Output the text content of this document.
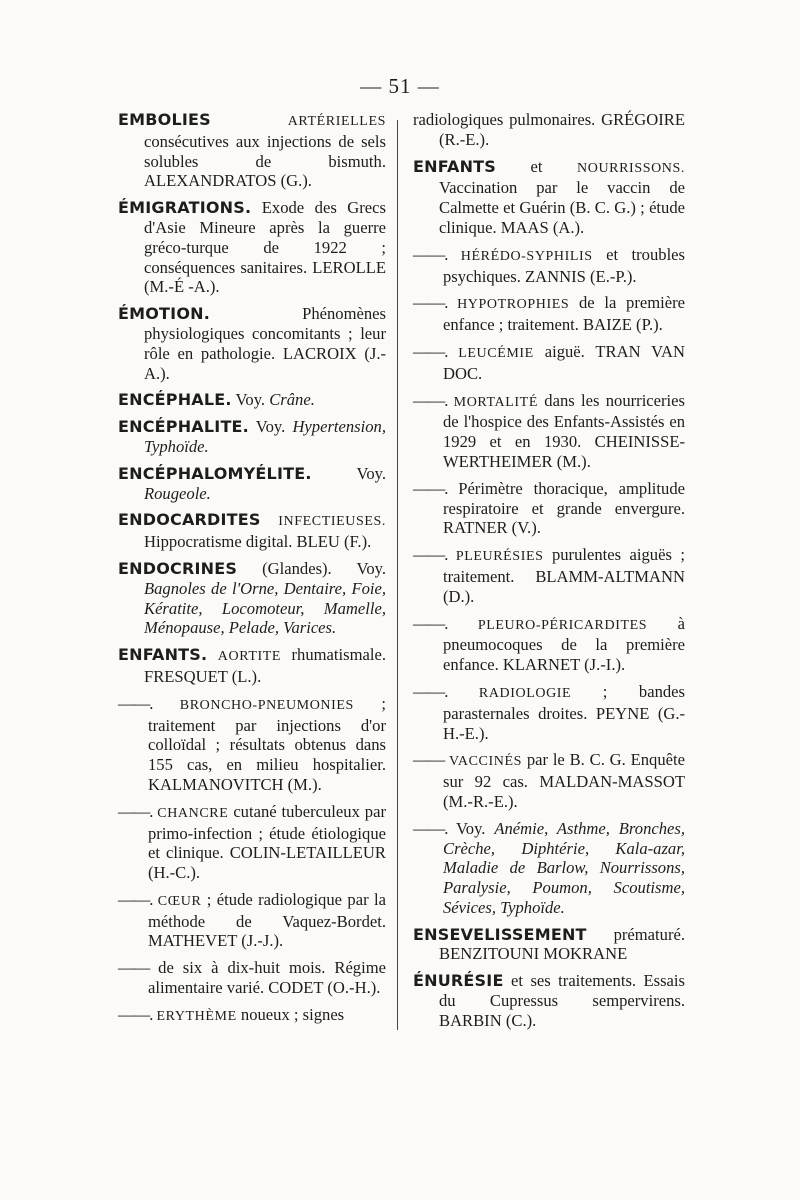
— 51 —

EMBOLIES	ARTÉRIELLES consécutives aux injections de sels solubles de bismuth. ALEXANDRATOS (G.).

ÉMIGRATIONS. Exode des Grecs d'Asie Mineure après la guerre gréco-turque de 1922 ; conséquences sanitaires. LEROLLE (M.-É -A.).

ÉMOTION. Phénomènes physiologiques concomitants ; leur rôle en pathologie. LACROIX (J.-A.).

ENCÉPHALE. Voy. Crâne.

ENCÉPHALITE. Voy. Hypertension, Typhoïde.

ENCÉPHALOMYÉLITE. Voy. Rougeole.

ENDOCARDITES INFECTIEUSES. Hippocratisme digital. BLEU (F.).

ENDOCRINES (Glandes). Voy. Bagnoles de l'Orne, Dentaire, Foie, Kératite, Locomoteur, Mamelle, Ménopause, Pelade, Varices.

ENFANTS. AORTITE rhumatismale. FRESQUET (L.).

——. BRONCHO-PNEUMONIES ; traitement par injections d'or colloïdal ; résultats obtenus dans 155 cas, en milieu hospitalier. KALMANOVITCH (M.).

——. CHANCRE cutané tuberculeux par primo-infection ; étude étiologique et clinique. COLIN-LETAILLEUR (H.-C.).

——. CŒUR ; étude radiologique par la méthode de Vaquez-Bordet. MATHEVET (J.-J.).

—— de six à dix-huit mois. Régime alimentaire varié. CODET (O.-H.).

——. ERYTHÈME noueux ; signes

radiologiques pulmonaires. GRÉGOIRE (R.-E.).

ENFANTS et NOURRISSONS. Vaccination par le vaccin de Calmette et Guérin (B. C. G.) ; étude clinique. MAAS (A.).

——. HÉRÉDO-SYPHILIS et troubles psychiques. ZANNIS (E.-P.).

——. HYPOTROPHIES de la première enfance ; traitement. BAIZE (P.).

——. LEUCÉMIE aiguë. TRAN VAN DOC.

——. MORTALITÉ dans les nourriceries de l'hospice des Enfants-Assistés en 1929 et en 1930. CHEINISSE-WERTHEIMER (M.).

——. Périmètre thoracique, amplitude respiratoire et grande envergure. RATNER (V.).

——. PLEURÉSIES purulentes aiguës ; traitement. BLAMM-ALTMANN (D.).

——. PLEURO-PÉRICARDITES à pneumocoques de la première enfance. KLARNET (J.-I.).

——. RADIOLOGIE ; bandes parasternales droites. PEYNE (G.-H.-E.).

—— VACCINÉS par le B. C. G. Enquête sur 92 cas. MALDAN-MASSOT (M.-R.-E.).

——. Voy. Anémie, Asthme, Bronches, Crèche, Diphtérie, Kala-azar, Maladie de Barlow, Nourrissons, Paralysie, Poumon, Scoutisme, Sévices, Typhoïde.

ENSEVELISSEMENT prématuré. BENZITOUNI MOKRANE

ÉNURÉSIE et ses traitements. Essais du Cupressus sempervirens. BARBIN (C.).
